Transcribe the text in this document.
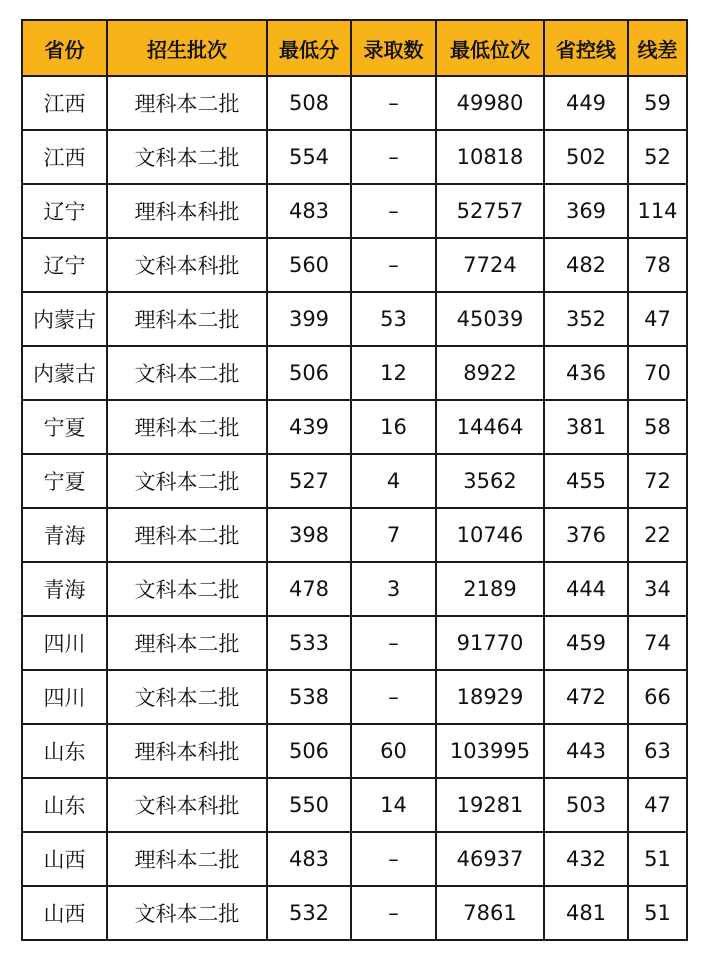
省份	招生批次	最低分	录取数	最低位次	省控线	线差
江西	理科本二批	508	–	49980	449	59
江西	文科本二批	554	–	10818	502	52
辽宁	理科本科批	483	–	52757	369	114
辽宁	文科本科批	560	–	7724	482	78
内蒙古	理科本二批	399	53	45039	352	47
内蒙古	文科本二批	506	12	8922	436	70
宁夏	理科本二批	439	16	14464	381	58
宁夏	文科本二批	527	4	3562	455	72
青海	理科本二批	398	7	10746	376	22
青海	文科本二批	478	3	2189	444	34
四川	理科本二批	533	–	91770	459	74
四川	文科本二批	538	–	18929	472	66
山东	理科本科批	506	60	103995	443	63
山东	文科本科批	550	14	19281	503	47
山西	理科本二批	483	–	46937	432	51
山西	文科本二批	532	–	7861	481	51
